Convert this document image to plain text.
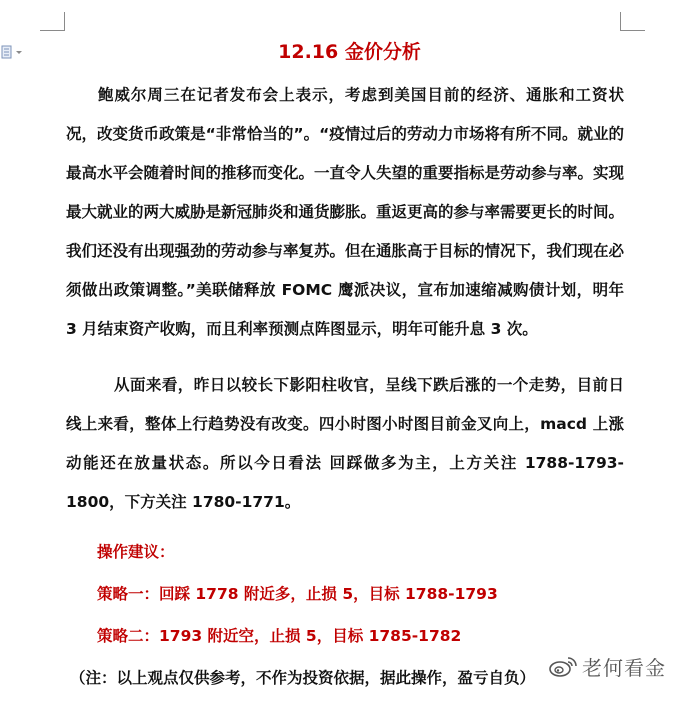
12.16 金价分析

鲍威尔周三在记者发布会上表示，考虑到美国目前的经济、通胀和工资状况，改变货币政策是“非常恰当的”。“疫情过后的劳动力市场将有所不同。就业的最高水平会随着时间的推移而变化。一直令人失望的重要指标是劳动参与率。实现最大就业的两大威胁是新冠肺炎和通货膨胀。重返更高的参与率需要更长的时间。我们还没有出现强劲的劳动参与率复苏。但在通胀高于目标的情况下，我们现在必须做出政策调整。”美联储释放 FOMC 鹰派决议，宣布加速缩减购债计划，明年 3 月结束资产收购，而且利率预测点阵图显示，明年可能升息 3 次。

从面来看，昨日以较长下影阳柱收官，呈线下跌后涨的一个走势，目前日线上来看，整体上行趋势没有改变。四小时图小时图目前金叉向上，macd 上涨动能还在放量状态。所以今日看法 回踩做多为主，上方关注 1788-1793-1800，下方关注 1780-1771。

操作建议：

策略一：回踩 1778 附近多，止损 5，目标 1788-1793

策略二：1793 附近空，止损 5，目标 1785-1782

（注：以上观点仅供参考，不作为投资依据，据此操作，盈亏自负） 老何看金
